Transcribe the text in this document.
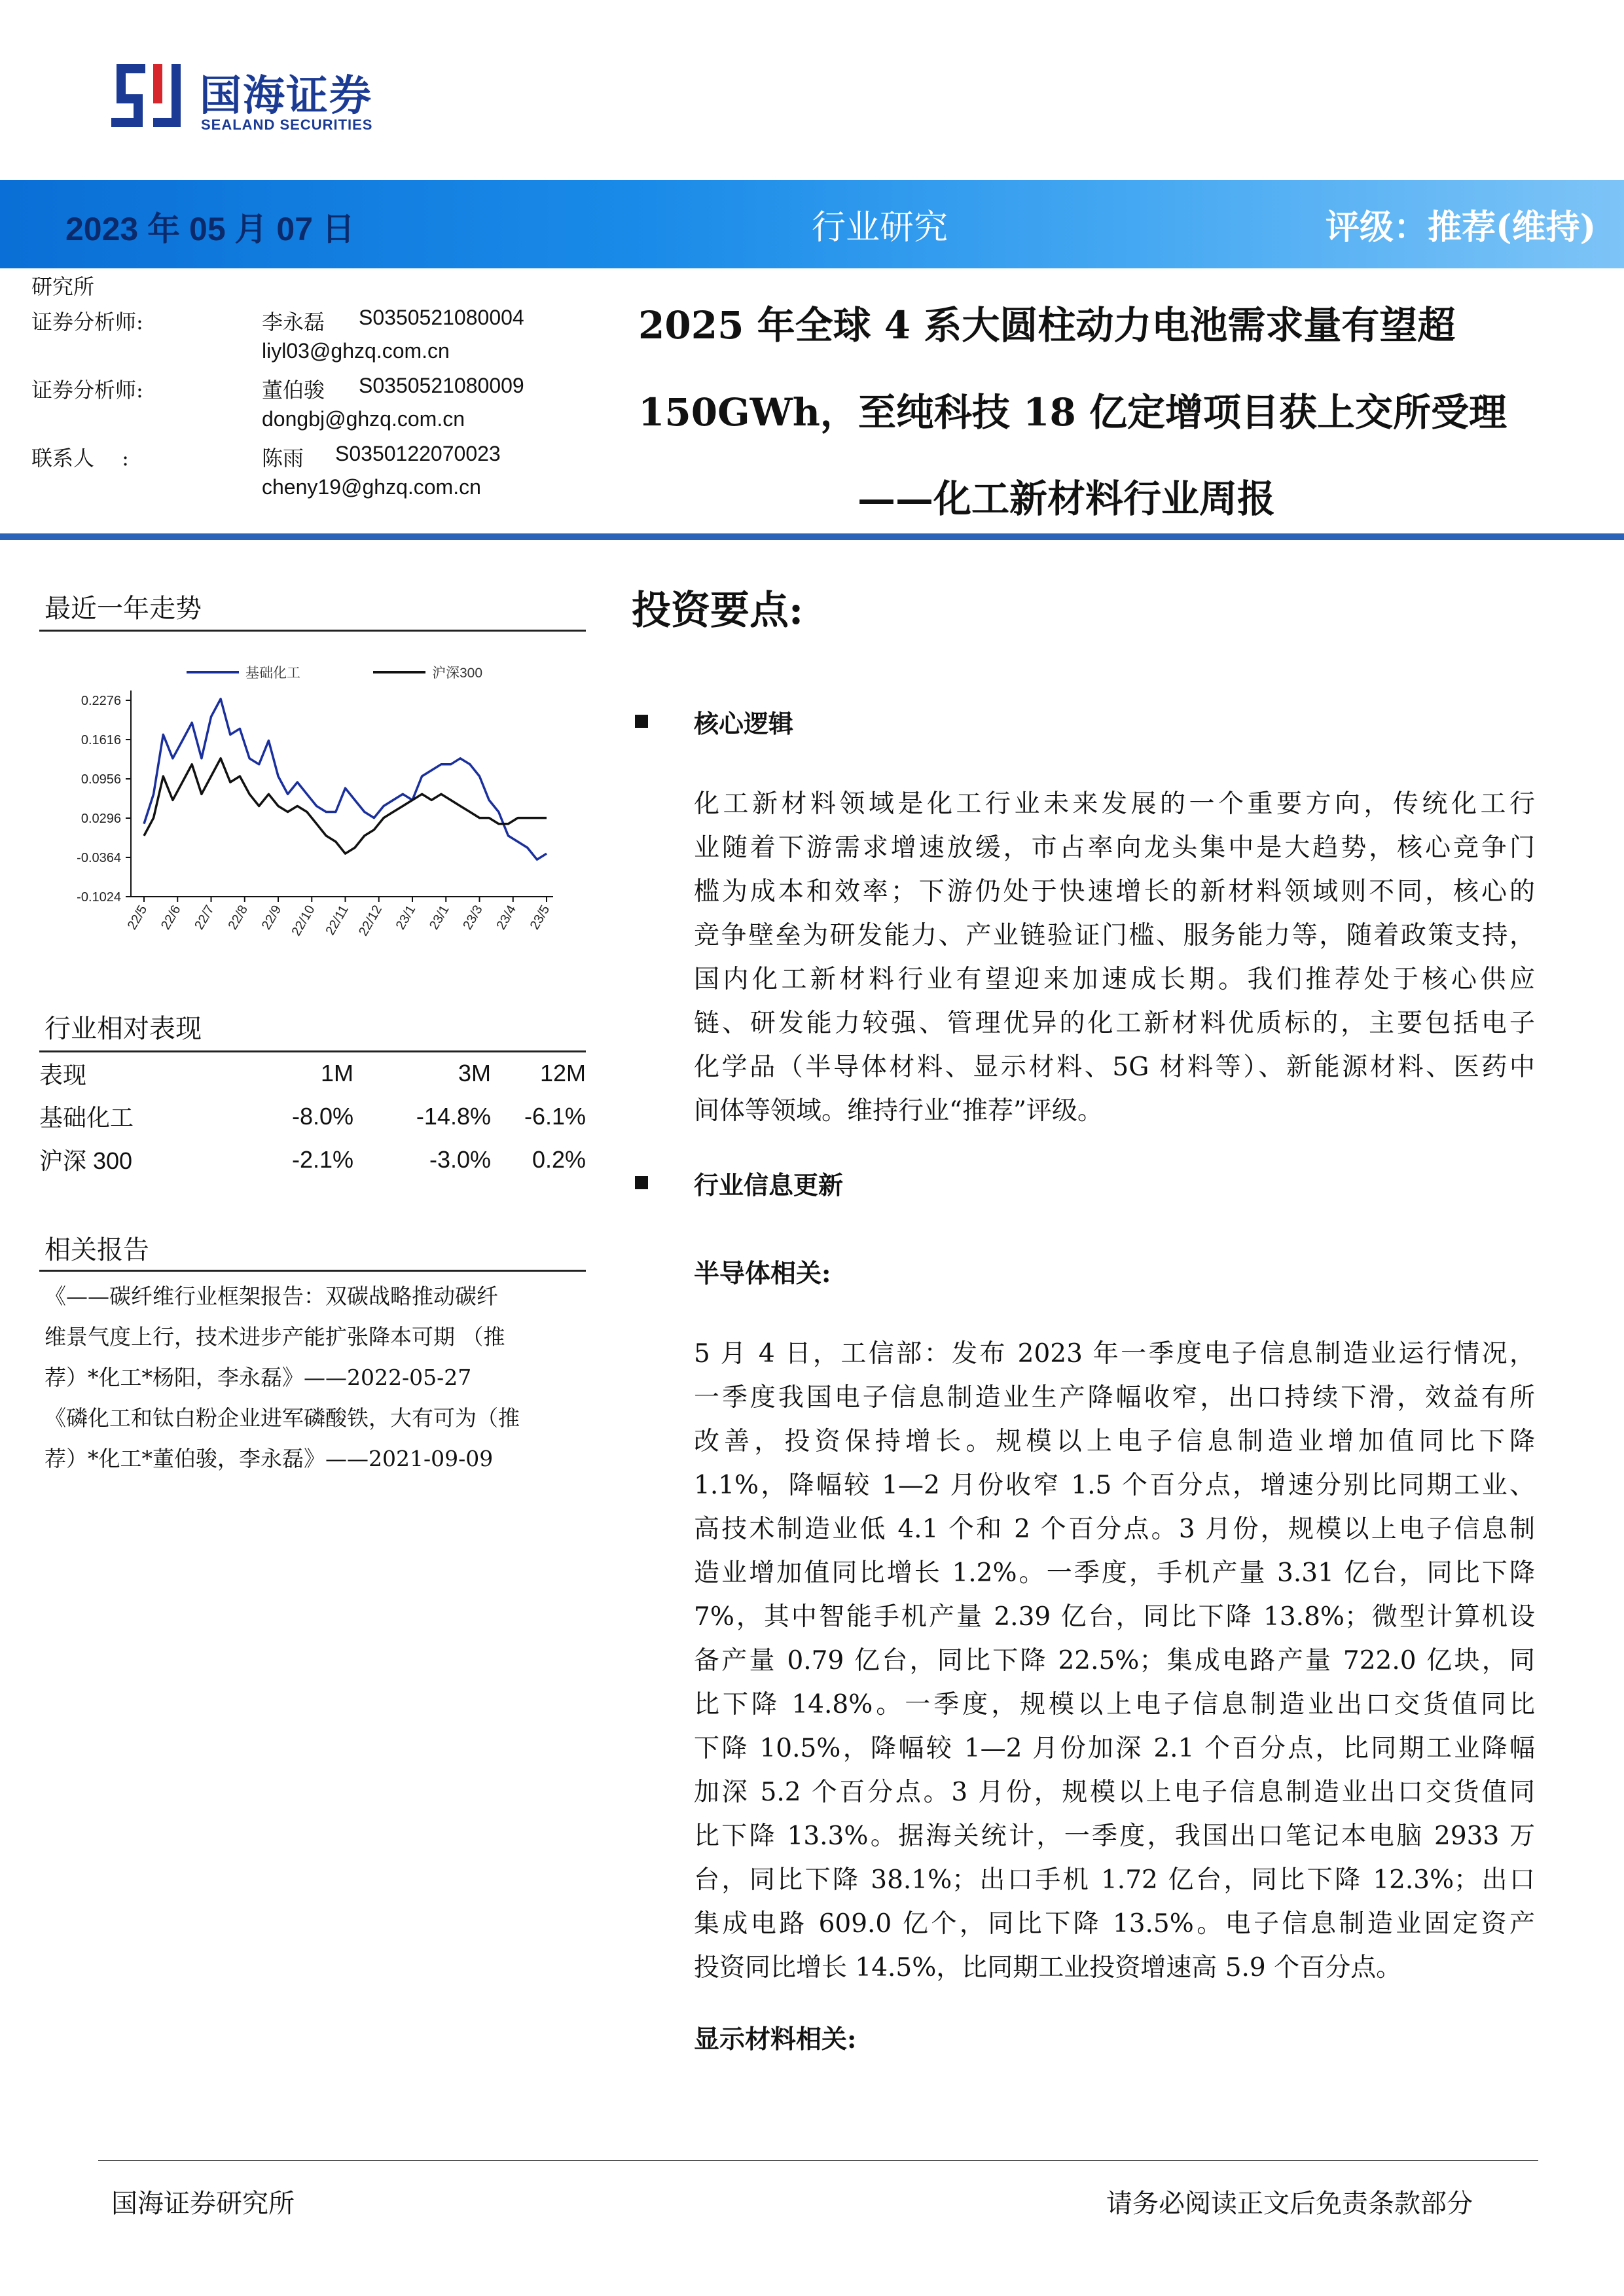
国海证券
SEALAND SECURITIES
2023 年 05 月 07 日	行业研究	评级：推荐(维持)
研究所
证券分析师:	李永磊 S0350521080004
liyl03@ghzq.com.cn
证券分析师:	董伯骏 S0350521080009
dongbj@ghzq.com.cn
联系人　 :	陈雨 S0350122070023
cheny19@ghzq.com.cn
2025 年全球 4 系大圆柱动力电池需求量有望超
150GWh，至纯科技 18 亿定增项目获上交所受理
——化工新材料行业周报
最近一年走势
基础化工	沪深300
0.2276
0.1616
0.0956
0.0296
-0.0364
-0.1024
22/5 22/6 22/7 22/8 22/9 22/10 22/11 22/12 23/1 23/1 23/3 23/4 23/5
行业相对表现
表现	1M	3M	12M
基础化工	-8.0%	-14.8%	-6.1%
沪深 300	-2.1%	-3.0%	0.2%
相关报告
《——碳纤维行业框架报告：双碳战略推动碳纤
维景气度上行，技术进步产能扩张降本可期 （推
荐）*化工*杨阳，李永磊》——2022-05-27
《磷化工和钛白粉企业进军磷酸铁，大有可为（推
荐）*化工*董伯骏，李永磊》——2021-09-09
投资要点:
核心逻辑
化工新材料领域是化工行业未来发展的一个重要方向，传统化工行
业随着下游需求增速放缓，市占率向龙头集中是大趋势，核心竞争门
槛为成本和效率；下游仍处于快速增长的新材料领域则不同，核心的
竞争壁垒为研发能力、产业链验证门槛、服务能力等，随着政策支持，
国内化工新材料行业有望迎来加速成长期。我们推荐处于核心供应
链、研发能力较强、管理优异的化工新材料优质标的，主要包括电子
化学品（半导体材料、显示材料、5G 材料等）、新能源材料、医药中
间体等领域。维持行业“推荐”评级。
行业信息更新
半导体相关:
5 月 4 日，工信部：发布 2023 年一季度电子信息制造业运行情况，
一季度我国电子信息制造业生产降幅收窄，出口持续下滑，效益有所
改善，投资保持增长。规模以上电子信息制造业增加值同比下降
1.1%，降幅较 1—2 月份收窄 1.5 个百分点，增速分别比同期工业、
高技术制造业低 4.1 个和 2 个百分点。3 月份，规模以上电子信息制
造业增加值同比增长 1.2%。一季度，手机产量 3.31 亿台，同比下降
7%，其中智能手机产量 2.39 亿台，同比下降 13.8%；微型计算机设
备产量 0.79 亿台，同比下降 22.5%；集成电路产量 722.0 亿块，同
比下降 14.8%。一季度，规模以上电子信息制造业出口交货值同比
下降 10.5%，降幅较 1—2 月份加深 2.1 个百分点，比同期工业降幅
加深 5.2 个百分点。3 月份，规模以上电子信息制造业出口交货值同
比下降 13.3%。据海关统计，一季度，我国出口笔记本电脑 2933 万
台，同比下降 38.1%；出口手机 1.72 亿台，同比下降 12.3%；出口
集成电路 609.0 亿个，同比下降 13.5%。电子信息制造业固定资产
投资同比增长 14.5%，比同期工业投资增速高 5.9 个百分点。
显示材料相关:
国海证券研究所	请务必阅读正文后免责条款部分
